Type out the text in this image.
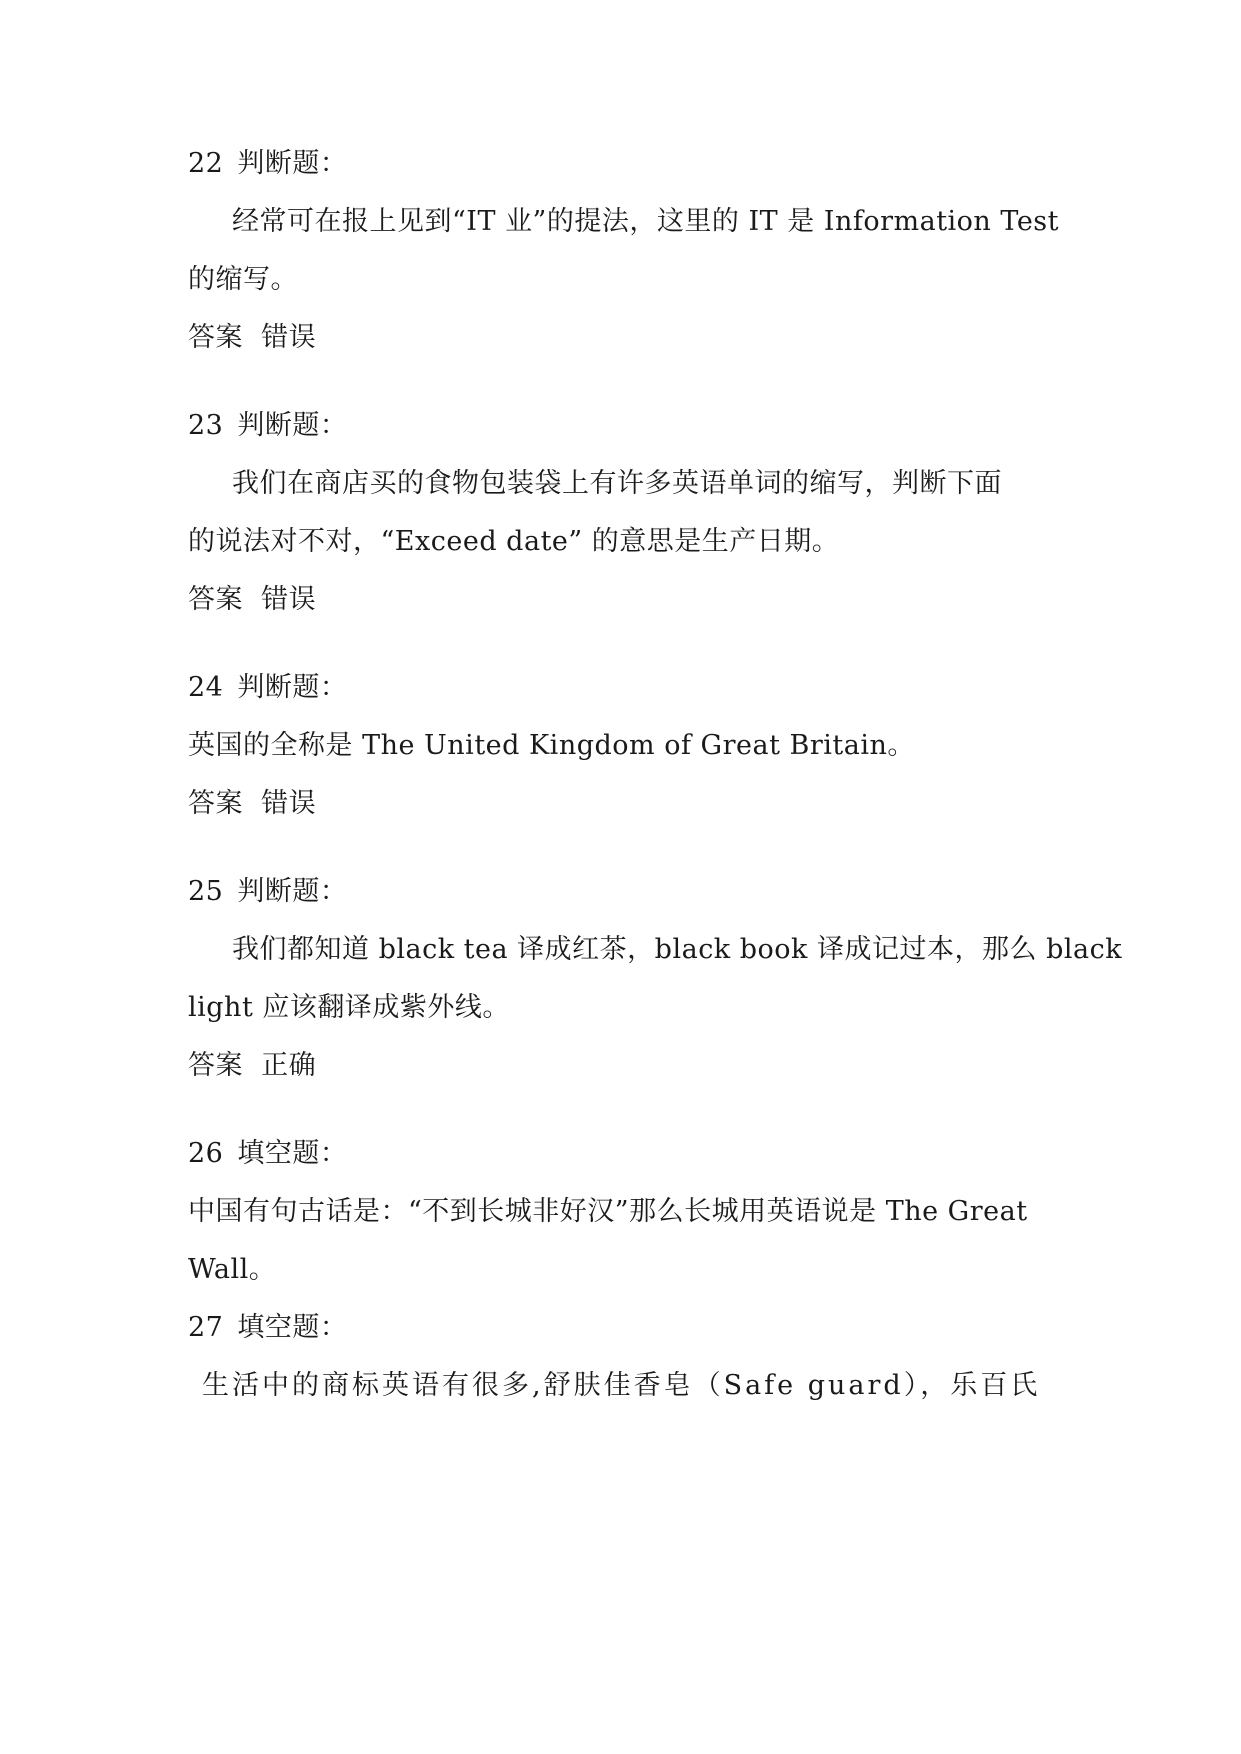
22 判断题：
经常可在报上见到“IT 业”的提法，这里的 IT 是 Information Test
的缩写。
答案 错误
23 判断题：
我们在商店买的食物包装袋上有许多英语单词的缩写，判断下面
的说法对不对，“Exceed date” 的意思是生产日期。
答案 错误
24 判断题：
英国的全称是 The United Kingdom of Great Britain。
答案 错误
25 判断题：
我们都知道 black tea 译成红茶，black book 译成记过本，那么 black
light 应该翻译成紫外线。
答案 正确
26 填空题：
中国有句古话是：“不到长城非好汉”那么长城用英语说是 The Great
Wall。
27 填空题：
生活中的商标英语有很多,舒肤佳香皂（Safe guard），乐百氏
